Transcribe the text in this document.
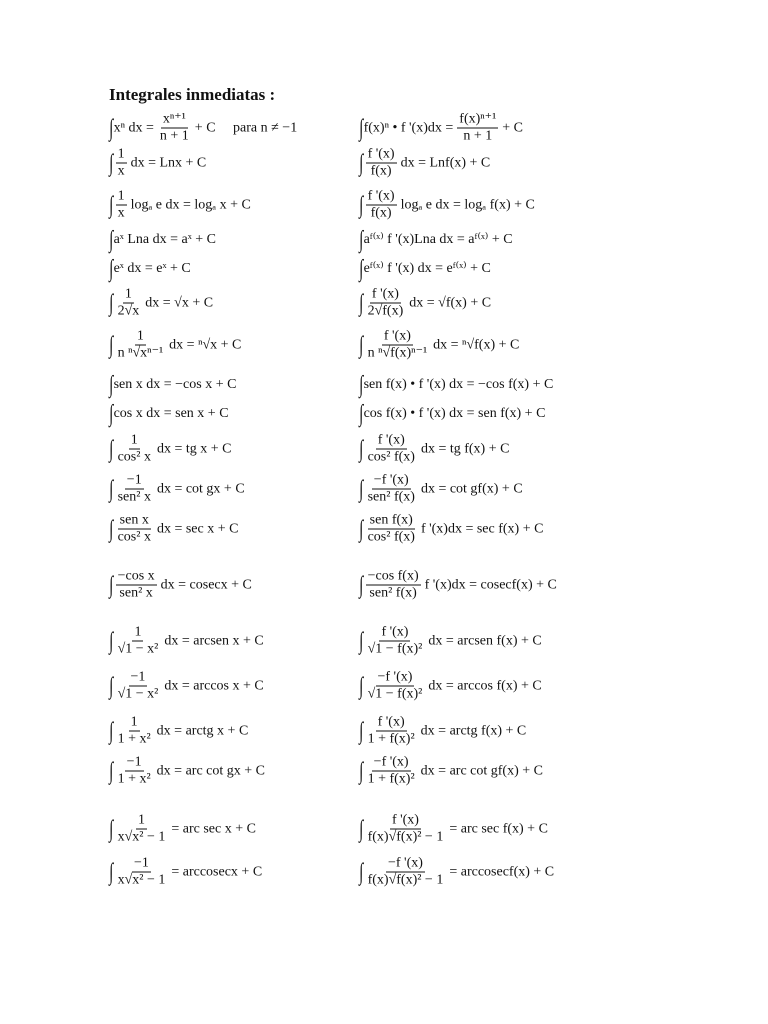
Integrales inmediatas :
∫ xⁿ dx = $\frac{\text{xⁿ⁺¹}}{n + 1} + C$     para n ≠ −1
∫ $\frac{1}{x}$ dx = Lnx + C
∫ $\frac{1}{x}$ logₐ e dx = logₐ x + C
∫ aˣ Lna dx = aˣ + C
∫ eˣ dx = eˣ + C
∫ $\frac{1}{2√x}$ dx = √x + C
∫ $\frac{1}{\text{n ⁿ√xⁿ⁻¹}}$ dx = ⁿ√x + C
∫ sen x dx = −cos x + C
∫ cos x dx = sen x + C
∫ $\frac{1}{\text{cos² x}}$ dx = tg x + C
∫ $\frac{-1}{\text{sen² x}}$ dx = cot gx + C
∫ $\frac{\text{sen x}}{\text{cos² x}}$ dx = sec x + C
∫ $\frac{\text{−cos x}}{\text{sen² x}}$ dx = cosecx + C
∫ $\frac{1}{\text{√1 − x²}}$ dx = arcsen x + C
∫ $\frac{-1}{\text{√1 − x²}}$ dx = arccos x + C
∫ $\frac{1}{\text{1 + x²}}$ dx = arctg x + C
∫ $\frac{-1}{\text{1 + x²}}$ dx = arc cot gx + C
∫ $\frac{1}{\text{x√x² − 1}}$ = arc sec x + C
∫ $\frac{-1}{\text{x√x² − 1}}$ = arccosecx + C
∫ f(x)ⁿ • f '$(x)dx = \frac{\text{f(x)ⁿ⁺¹}}{n + 1} + C$
∫ $\frac{f '(x)}{f(x)}$ dx = Lnf(x) + C
∫ $\frac{f '(x)}{f(x)}$ logₐ e dx = logₐ f(x) + C
∫ aᶠ⁽ˣ⁾ f '(x)Lna dx = aᶠ⁽ˣ⁾ + C
∫ eᶠ⁽ˣ⁾ f '(x) dx = eᶠ⁽ˣ⁾ + C
∫ $\frac{f '(x)}{2√f(x)}$ dx = √f(x) + C
∫ $\frac{f '(x)}{\text{n ⁿ√f(x)ⁿ⁻¹}}$ dx = ⁿ√f(x) + C
∫ sen f(x) • f '(x) dx = −cos f(x) + C
∫ cos f(x) • f '(x) dx = sen f(x) + C
∫ $\frac{f '(x)}{\text{cos² f(x)}}$ dx = tg f(x) + C
∫ $\frac{-f '(x)}{\text{sen² f(x)}}$ dx = cot gf(x) + C
∫ $\frac{\text{sen f(x)}}{\text{cos² f(x)}}$ f '(x)dx = sec f(x) + C
∫ $\frac{\text{−cos f(x)}}{\text{sen² f(x)}}$ f '(x)dx = cosecf(x) + C
∫ $\frac{f '(x)}{\text{√1 − f(x)²}}$ dx = arcsen f(x) + C
∫ $\frac{-f '(x)}{\text{√1 − f(x)²}}$ dx = arccos f(x) + C
∫ $\frac{f '(x)}{\text{1 + f(x)²}}$ dx = arctg f(x) + C
∫ $\frac{-f '(x)}{\text{1 + f(x)²}}$ dx = arc cot gf(x) + C
∫ $\frac{f '(x)}{\text{f(x)√f(x)² − 1}}$ = arc sec f(x) + C
∫ $\frac{-f '(x)}{\text{f(x)√f(x)² − 1}}$ = arccosecf(x) + C
